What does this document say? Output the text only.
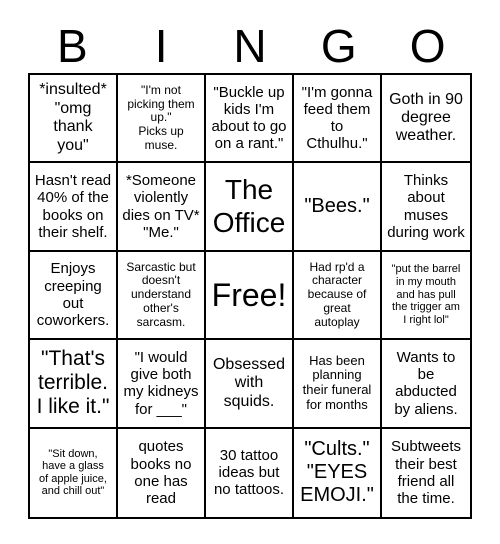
B	I	N	G	O
*insulted*
"omg
thank
you"
"I'm not
picking them
up."
Picks up
muse.
"Buckle up
kids I'm
about to go
on a rant."
"I'm gonna
feed them
to
Cthulhu."
Goth in 90
degree
weather.
Hasn't read
40% of the
books on
their shelf.
*Someone
violently
dies on TV*
"Me."
The
Office
"Bees."
Thinks
about
muses
during work
Enjoys
creeping
out
coworkers.
Sarcastic but
doesn't
understand
other's
sarcasm.
Free!
Had rp'd a
character
because of
great
autoplay
"put the barrel
in my mouth
and has pull
the trigger am
I right lol"
"That's
terrible.
I like it."
"I would
give both
my kidneys
for ___"
Obsessed
with
squids.
Has been
planning
their funeral
for months
Wants to
be
abducted
by aliens.
"Sit down,
have a glass
of apple juice,
and chill out"
quotes
books no
one has
read
30 tattoo
ideas but
no tattoos.
"Cults."
"EYES
EMOJI."
Subtweets
their best
friend all
the time.
